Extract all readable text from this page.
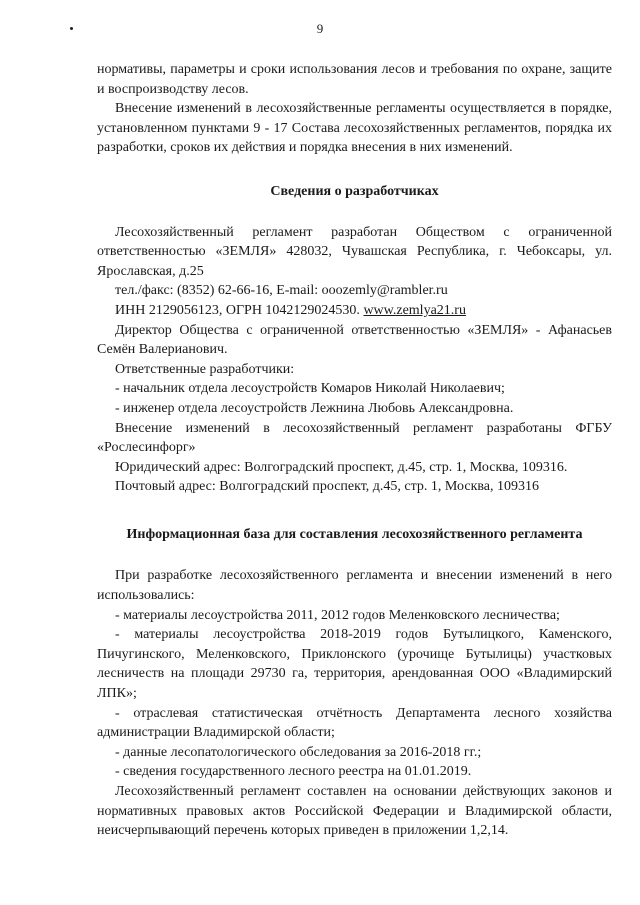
9

нормативы, параметры и сроки использования лесов и требования по охране, защите и воспроизводству лесов.

Внесение изменений в лесохозяйственные регламенты осуществляется в порядке, установленном пунктами 9 - 17 Состава лесохозяйственных регламентов, порядка их разработки, сроков их действия и порядка внесения в них изменений.

Сведения о разработчиках

Лесохозяйственный регламент разработан Обществом с ограниченной ответственностью «ЗЕМЛЯ» 428032, Чувашская Республика, г. Чебоксары, ул. Ярославская, д.25

тел./факс: (8352) 62-66-16, E-mail: ooozemly@rambler.ru

ИНН 2129056123, ОГРН 1042129024530. www.zemlya21.ru

Директор Общества с ограниченной ответственностью «ЗЕМЛЯ» - Афанасьев Семён Валерианович.

Ответственные разработчики:

- начальник отдела лесоустройств Комаров Николай Николаевич;

- инженер отдела лесоустройств Лежнина Любовь Александровна.

Внесение изменений в лесохозяйственный регламент разработаны ФГБУ «Рослесинфорг»

Юридический адрес: Волгоградский проспект, д.45, стр. 1, Москва, 109316.

Почтовый адрес: Волгоградский проспект, д.45, стр. 1, Москва, 109316

Информационная база для составления лесохозяйственного регламента

При разработке лесохозяйственного регламента и внесении изменений в него использовались:

- материалы лесоустройства 2011, 2012 годов Меленковского лесничества;

- материалы лесоустройства 2018-2019 годов Бутылицкого, Каменского, Пичугинского, Меленковского, Приклонского (урочище Бутылицы) участковых лесничеств на площади 29730 га, территория, арендованная ООО «Владимирский ЛПК»;

- отраслевая статистическая отчётность Департамента лесного хозяйства администрации Владимирской области;

- данные лесопатологического обследования за 2016-2018 гг.;

- сведения государственного лесного реестра на 01.01.2019.

Лесохозяйственный регламент составлен на основании действующих законов и нормативных правовых актов Российской Федерации и Владимирской области, неисчерпывающий перечень которых приведен в приложении 1,2,14.
